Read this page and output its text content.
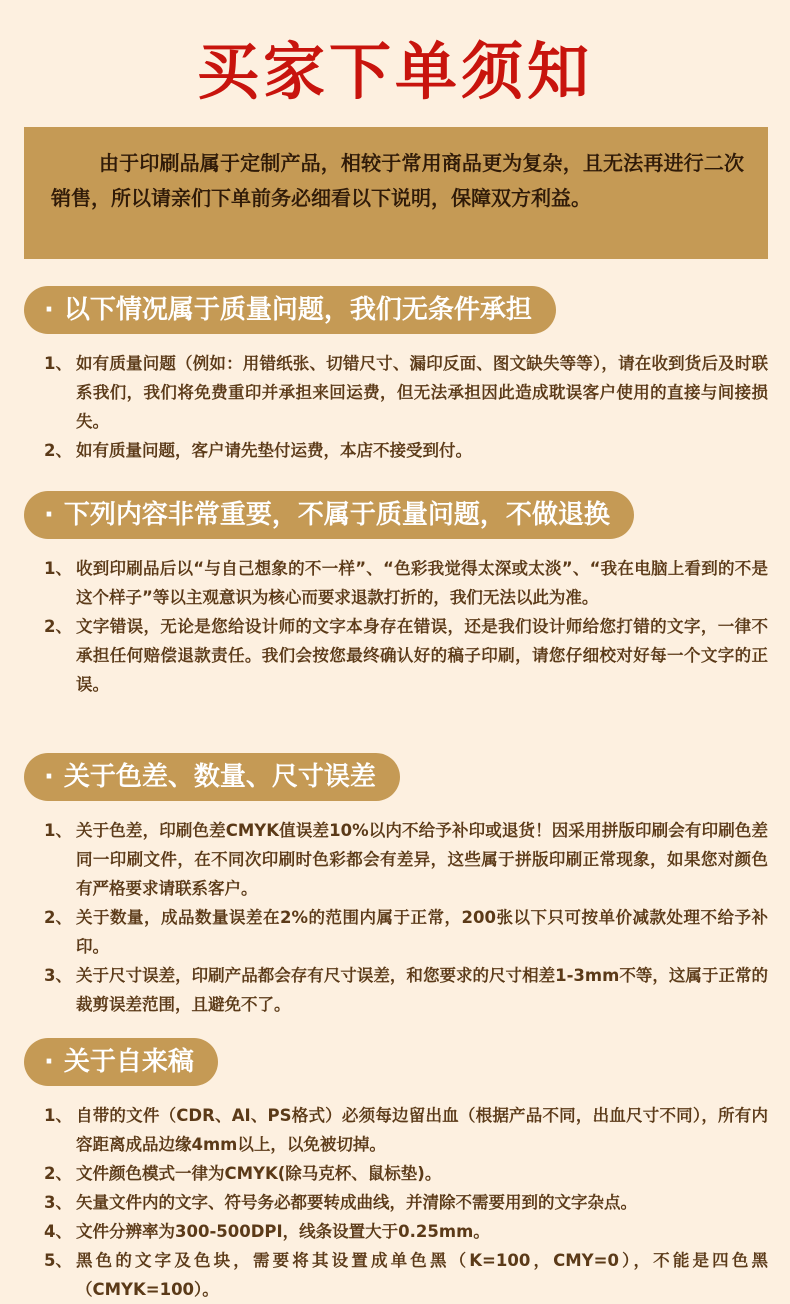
买家下单须知
由于印刷品属于定制产品，相较于常用商品更为复杂，且无法再进行二次销售，所以请亲们下单前务必细看以下说明，保障双方利益。
· 以下情况属于质量问题，我们无条件承担
1、 如有质量问题（例如：用错纸张、切错尺寸、漏印反面、图文缺失等等），请在收到货后及时联系我们，我们将免费重印并承担来回运费，但无法承担因此造成耽误客户使用的直接与间接损失。
2、 如有质量问题，客户请先垫付运费，本店不接受到付。
· 下列内容非常重要，不属于质量问题，不做退换
1、 收到印刷品后以“与自己想象的不一样”、“色彩我觉得太深或太淡”、“我在电脑上看到的不是这个样子”等以主观意识为核心而要求退款打折的，我们无法以此为准。
2、 文字错误，无论是您给设计师的文字本身存在错误，还是我们设计师给您打错的文字，一律不承担任何赔偿退款责任。我们会按您最终确认好的稿子印刷，请您仔细校对好每一个文字的正误。
· 关于色差、数量、尺寸误差
1、 关于色差，印刷色差CMYK值误差10%以内不给予补印或退货！因采用拼版印刷会有印刷色差同一印刷文件，在不同次印刷时色彩都会有差异，这些属于拼版印刷正常现象，如果您对颜色有严格要求请联系客户。
2、 关于数量，成品数量误差在2%的范围内属于正常，200张以下只可按单价减款处理不给予补印。
3、 关于尺寸误差，印刷产品都会存有尺寸误差，和您要求的尺寸相差1-3mm不等，这属于正常的裁剪误差范围，且避免不了。
· 关于自来稿
1、 自带的文件（CDR、AI、PS格式）必须每边留出血（根据产品不同，出血尺寸不同），所有内容距离成品边缘4mm以上，以免被切掉。
2、 文件颜色模式一律为CMYK(除马克杯、鼠标垫)。
3、 矢量文件内的文字、符号务必都要转成曲线，并清除不需要用到的文字杂点。
4、 文件分辨率为300-500DPI，线条设置大于0.25mm。
5、 黑色的文字及色块，需要将其设置成单色黑（K=100，CMY=0），不能是四色黑（CMYK=100）。
